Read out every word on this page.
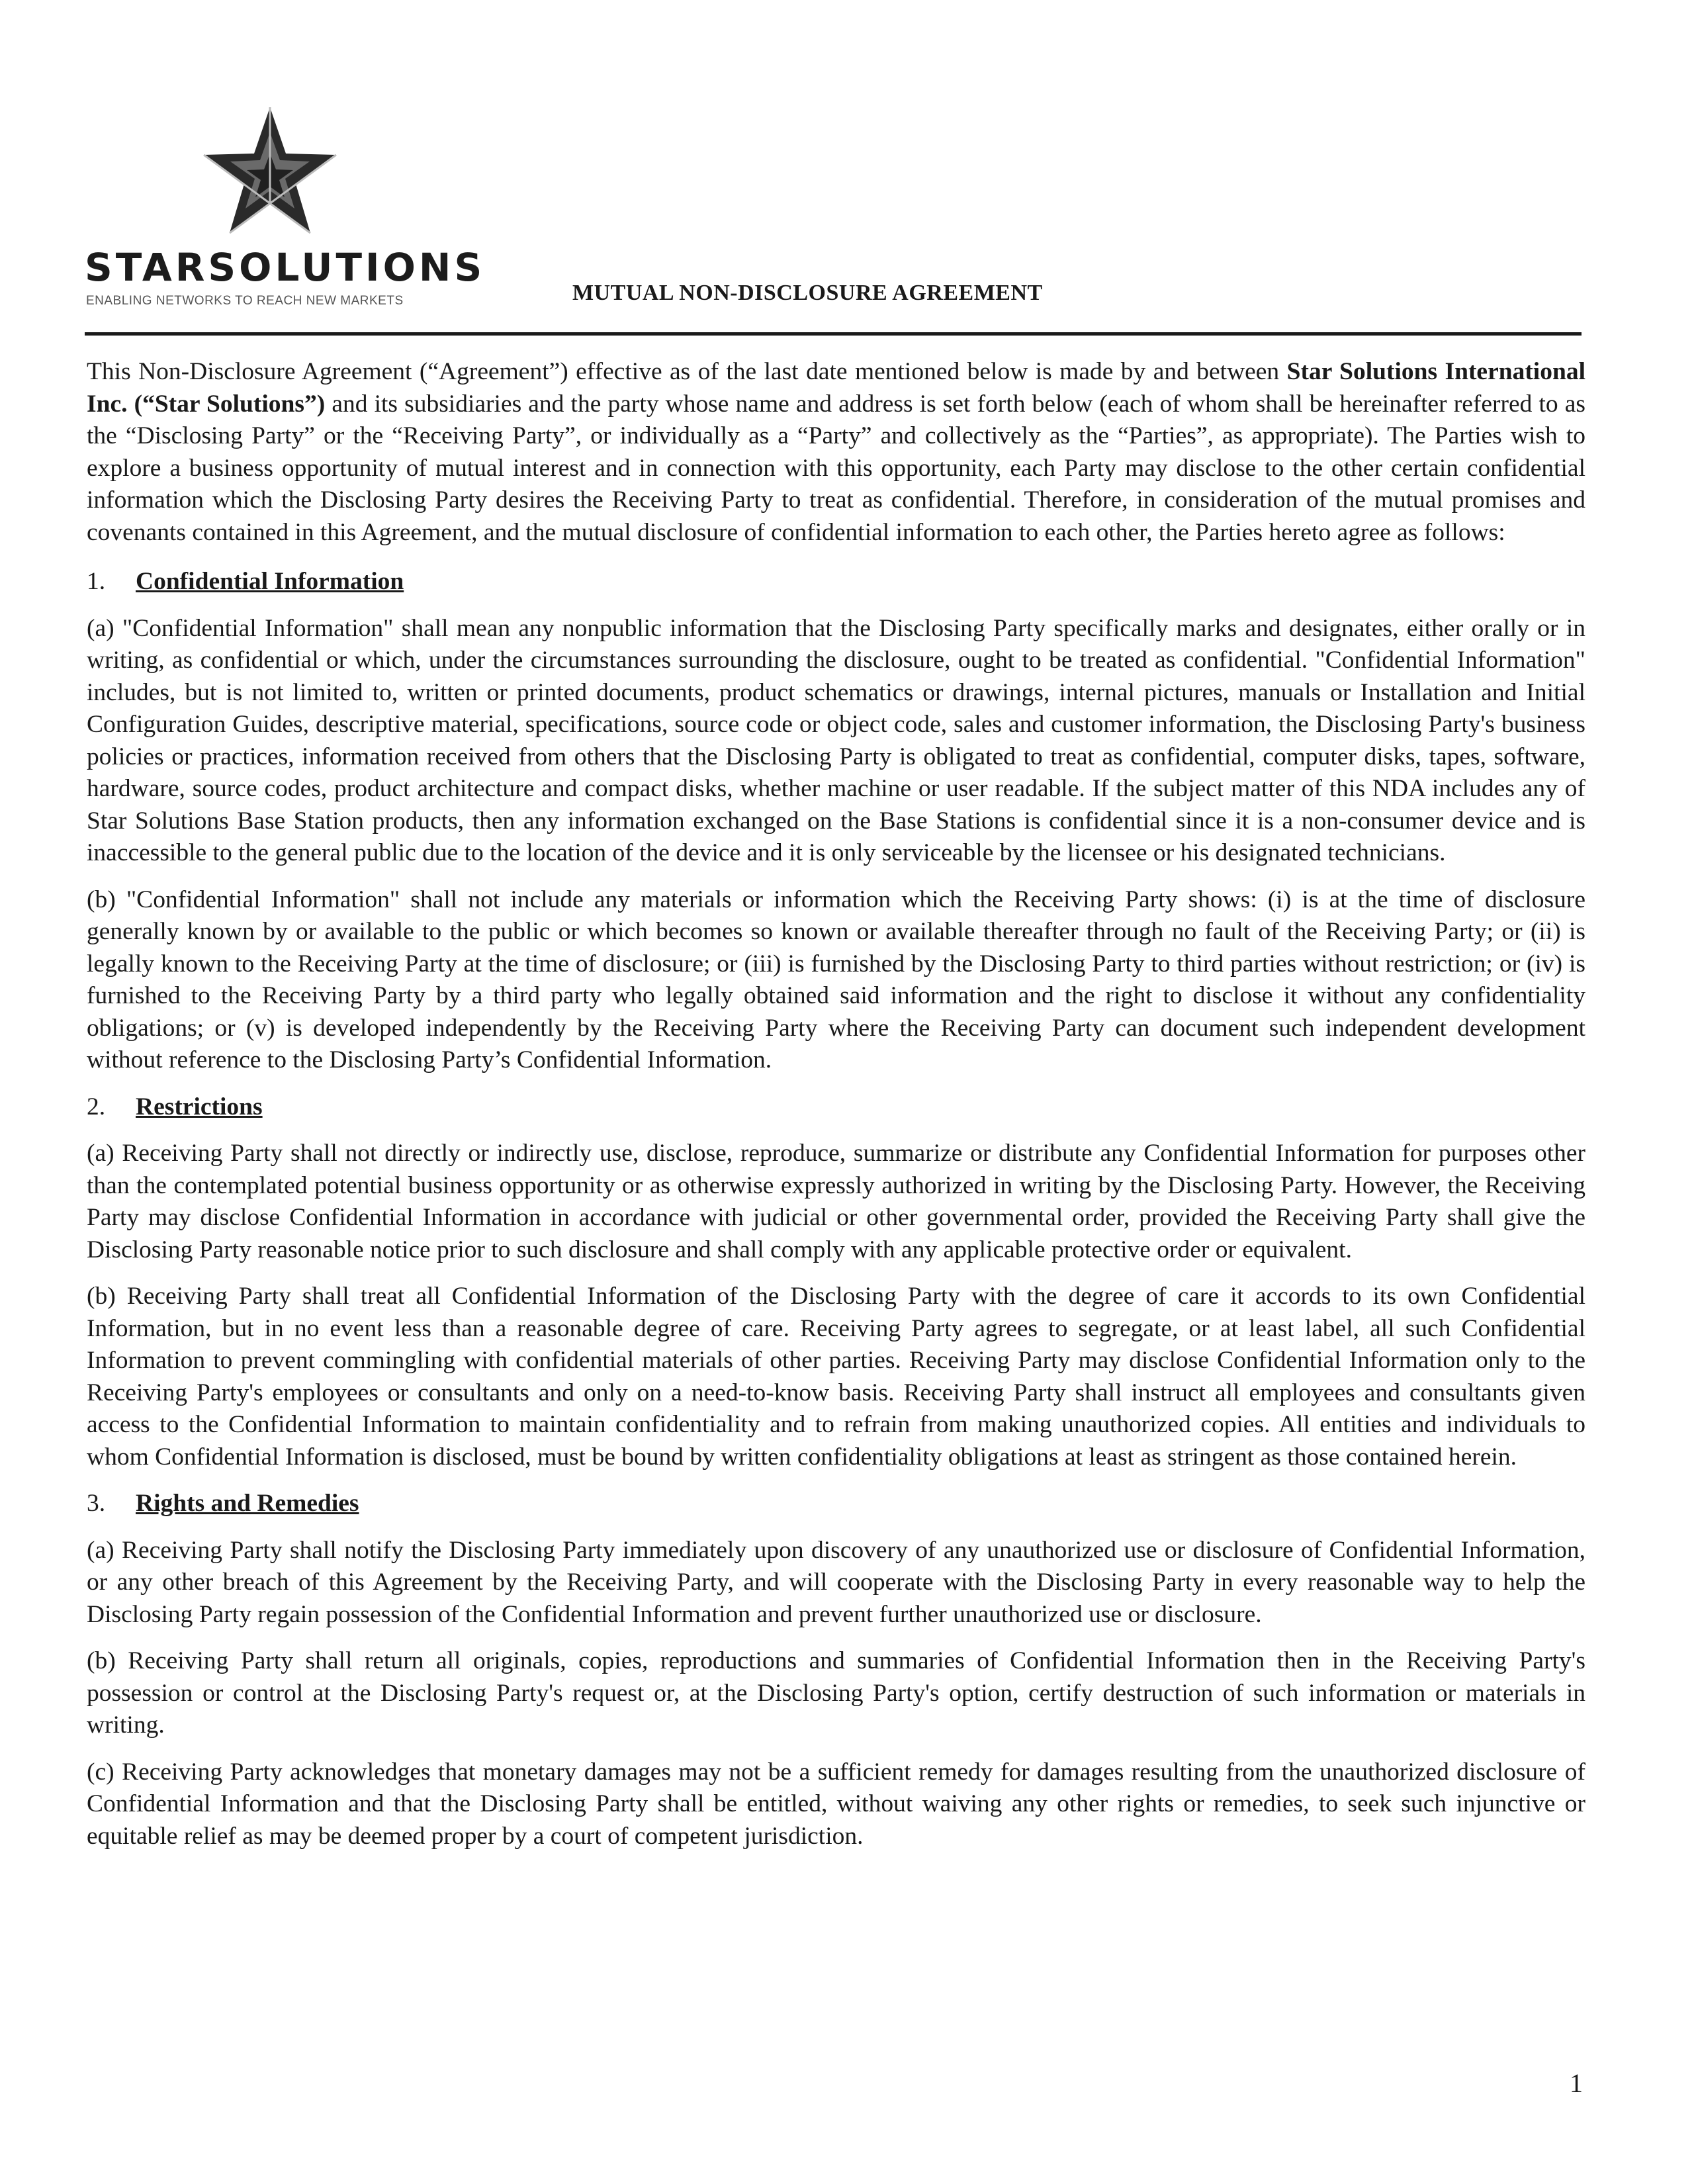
STARSOLUTIONS
ENABLING NETWORKS TO REACH NEW MARKETS	MUTUAL NON-DISCLOSURE AGREEMENT

This Non-Disclosure Agreement (“Agreement”) effective as of the last date mentioned below is made by and between Star Solutions International Inc. (“Star Solutions”) and its subsidiaries and the party whose name and address is set forth below (each of whom shall be hereinafter referred to as the “Disclosing Party” or the “Receiving Party”, or individually as a “Party” and collectively as the “Parties”, as appropriate). The Parties wish to explore a business opportunity of mutual interest and in connection with this opportunity, each Party may disclose to the other certain confidential information which the Disclosing Party desires the Receiving Party to treat as confidential. Therefore, in consideration of the mutual promises and covenants contained in this Agreement, and the mutual disclosure of confidential information to each other, the Parties hereto agree as follows:

1. Confidential Information

(a) "Confidential Information" shall mean any nonpublic information that the Disclosing Party specifically marks and designates, either orally or in writing, as confidential or which, under the circumstances surrounding the disclosure, ought to be treated as confidential. "Confidential Information" includes, but is not limited to, written or printed documents, product schematics or drawings, internal pictures, manuals or Installation and Initial Configuration Guides, descriptive material, specifications, source code or object code, sales and customer information, the Disclosing Party's business policies or practices, information received from others that the Disclosing Party is obligated to treat as confidential, computer disks, tapes, software, hardware, source codes, product architecture and compact disks, whether machine or user readable. If the subject matter of this NDA includes any of Star Solutions Base Station products, then any information exchanged on the Base Stations is confidential since it is a non-consumer device and is inaccessible to the general public due to the location of the device and it is only serviceable by the licensee or his designated technicians.

(b) "Confidential Information" shall not include any materials or information which the Receiving Party shows: (i) is at the time of disclosure generally known by or available to the public or which becomes so known or available thereafter through no fault of the Receiving Party; or (ii) is legally known to the Receiving Party at the time of disclosure; or (iii) is furnished by the Disclosing Party to third parties without restriction; or (iv) is furnished to the Receiving Party by a third party who legally obtained said information and the right to disclose it without any confidentiality obligations; or (v) is developed independently by the Receiving Party where the Receiving Party can document such independent development without reference to the Disclosing Party’s Confidential Information.

2. Restrictions

(a) Receiving Party shall not directly or indirectly use, disclose, reproduce, summarize or distribute any Confidential Information for purposes other than the contemplated potential business opportunity or as otherwise expressly authorized in writing by the Disclosing Party. However, the Receiving Party may disclose Confidential Information in accordance with judicial or other governmental order, provided the Receiving Party shall give the Disclosing Party reasonable notice prior to such disclosure and shall comply with any applicable protective order or equivalent.

(b) Receiving Party shall treat all Confidential Information of the Disclosing Party with the degree of care it accords to its own Confidential Information, but in no event less than a reasonable degree of care. Receiving Party agrees to segregate, or at least label, all such Confidential Information to prevent commingling with confidential materials of other parties. Receiving Party may disclose Confidential Information only to the Receiving Party's employees or consultants and only on a need-to-know basis. Receiving Party shall instruct all employees and consultants given access to the Confidential Information to maintain confidentiality and to refrain from making unauthorized copies. All entities and individuals to whom Confidential Information is disclosed, must be bound by written confidentiality obligations at least as stringent as those contained herein.

3. Rights and Remedies

(a) Receiving Party shall notify the Disclosing Party immediately upon discovery of any unauthorized use or disclosure of Confidential Information, or any other breach of this Agreement by the Receiving Party, and will cooperate with the Disclosing Party in every reasonable way to help the Disclosing Party regain possession of the Confidential Information and prevent further unauthorized use or disclosure.

(b) Receiving Party shall return all originals, copies, reproductions and summaries of Confidential Information then in the Receiving Party's possession or control at the Disclosing Party's request or, at the Disclosing Party's option, certify destruction of such information or materials in writing.

(c) Receiving Party acknowledges that monetary damages may not be a sufficient remedy for damages resulting from the unauthorized disclosure of Confidential Information and that the Disclosing Party shall be entitled, without waiving any other rights or remedies, to seek such injunctive or equitable relief as may be deemed proper by a court of competent jurisdiction.

1
